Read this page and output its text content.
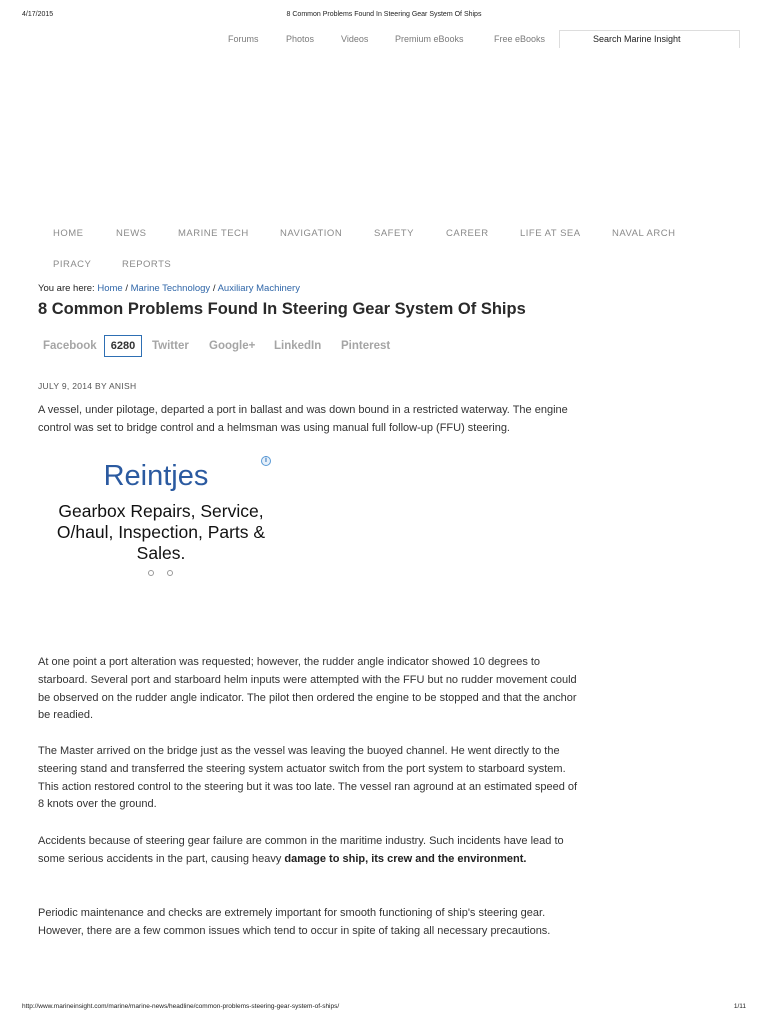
4/17/2015	8 Common Problems Found In Steering Gear System Of Ships
Forums	Photos	Videos	Premium eBooks	Free eBooks	Search Marine Insight
HOME	NEWS	MARINE TECH	NAVIGATION	SAFETY	CAREER	LIFE AT SEA	NAVAL ARCH
PIRACY	REPORTS
You are here: Home / Marine Technology / Auxiliary Machinery
8 Common Problems Found In Steering Gear System Of Ships
Facebook	6280	Twitter Google+ LinkedIn Pinterest
JULY 9, 2014 BY ANISH

A vessel, under pilotage, departed a port in ballast and was down bound in a restricted waterway. The engine control was set to bridge control and a helmsman was using manual full follow-up (FFU) steering.

i
Reintjes
Gearbox Repairs, Service, O/haul, Inspection, Parts & Sales.

At one point a port alteration was requested; however, the rudder angle indicator showed 10 degrees to starboard. Several port and starboard helm inputs were attempted with the FFU but no rudder movement could be observed on the rudder angle indicator. The pilot then ordered the engine to be stopped and that the anchor be readied.

The Master arrived on the bridge just as the vessel was leaving the buoyed channel. He went directly to the steering stand and transferred the steering system actuator switch from the port system to starboard system. This action restored control to the steering but it was too late. The vessel ran aground at an estimated speed of 8 knots over the ground.

Accidents because of steering gear failure are common in the maritime industry. Such incidents have lead to some serious accidents in the part, causing heavy damage to ship, its crew and the environment.

Periodic maintenance and checks are extremely important for smooth functioning of ship's steering gear. However, there are a few common issues which tend to occur in spite of taking all necessary precautions.

http://www.marineinsight.com/marine/marine-news/headline/common-problems-steering-gear-system-of-ships/	1/11
